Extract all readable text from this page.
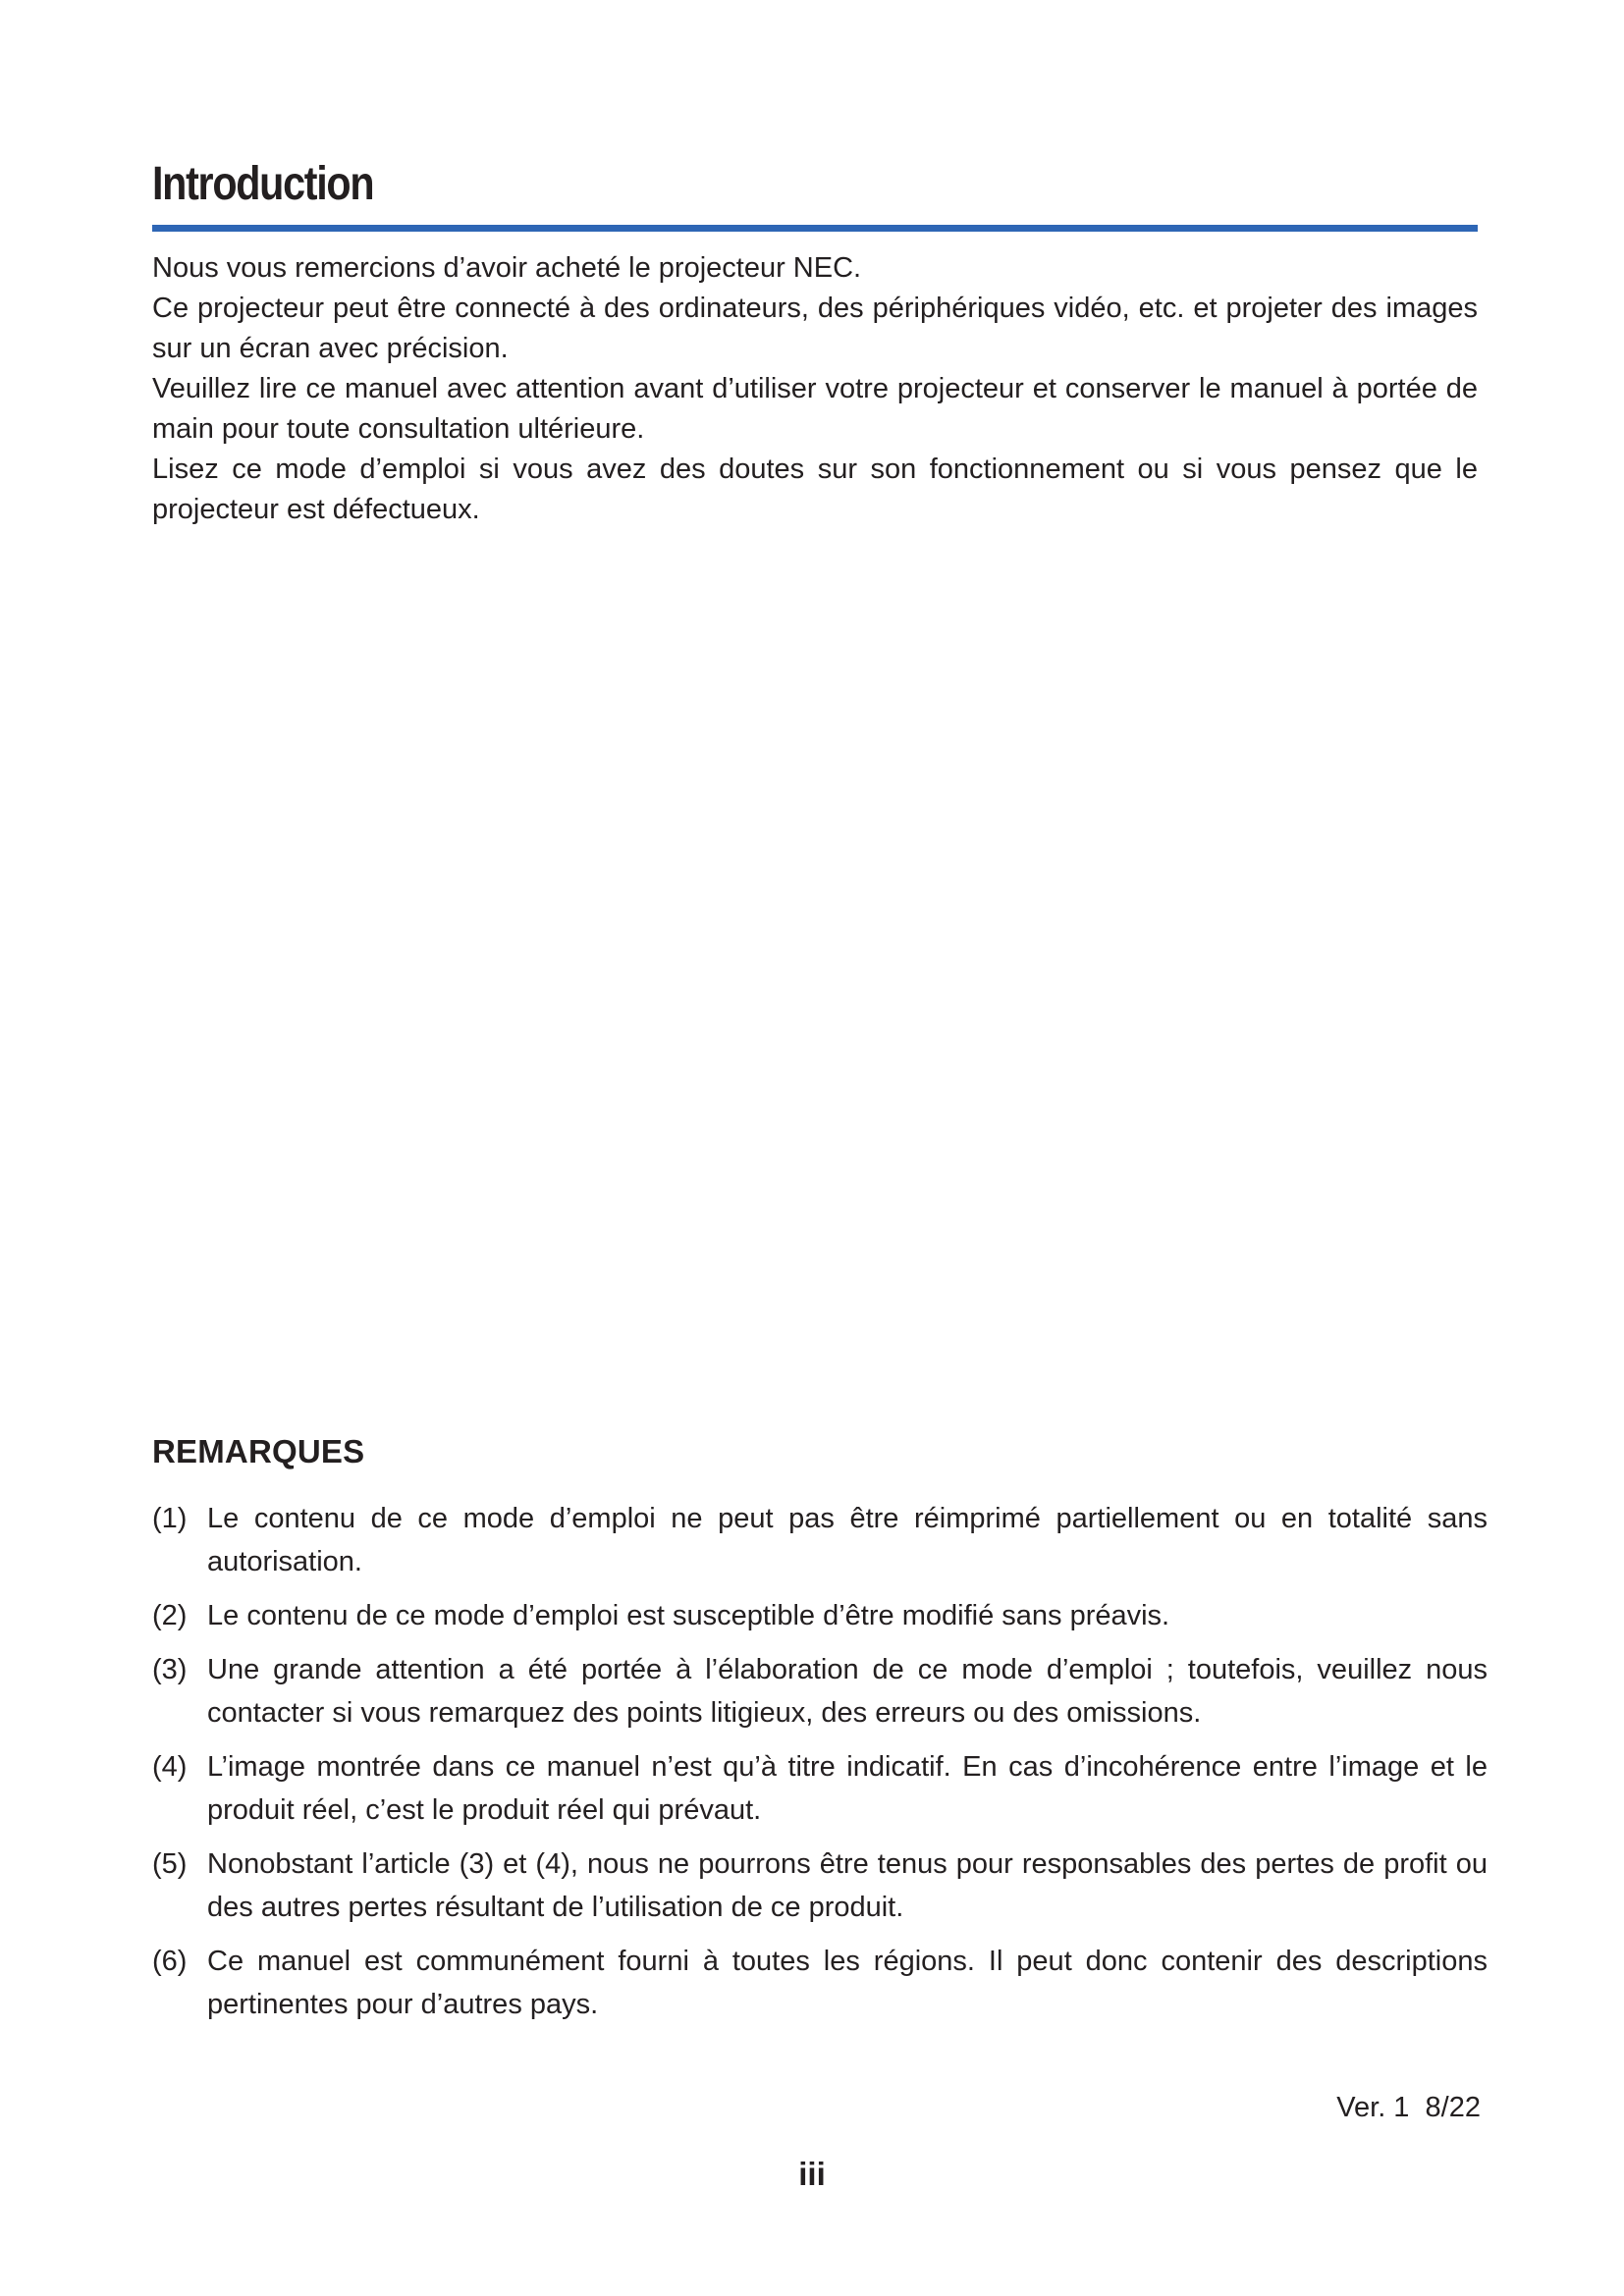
Introduction

Nous vous remercions d’avoir acheté le projecteur NEC.

Ce projecteur peut être connecté à des ordinateurs, des périphériques vidéo, etc. et projeter des images sur un écran avec précision.

Veuillez lire ce manuel avec attention avant d’utiliser votre projecteur et conserver le manuel à portée de main pour toute consultation ultérieure.

Lisez ce mode d’emploi si vous avez des doutes sur son fonctionnement ou si vous pensez que le projecteur est défectueux.

REMARQUES
(1) Le contenu de ce mode d’emploi ne peut pas être réimprimé partiellement ou en totalité sans autorisation.
(2) Le contenu de ce mode d’emploi est susceptible d’être modifié sans préavis.
(3) Une grande attention a été portée à l’élaboration de ce mode d’emploi ; toutefois, veuillez nous contacter si vous remarquez des points litigieux, des erreurs ou des omissions.
(4) L’image montrée dans ce manuel n’est qu’à titre indicatif. En cas d’incohérence entre l’image et le produit réel, c’est le produit réel qui prévaut.
(5) Nonobstant l’article (3) et (4), nous ne pourrons être tenus pour responsables des pertes de profit ou des autres pertes résultant de l’utilisation de ce produit.
(6) Ce manuel est communément fourni à toutes les régions. Il peut donc contenir des descriptions pertinentes pour d’autres pays.

Ver. 1  8/22

iii
